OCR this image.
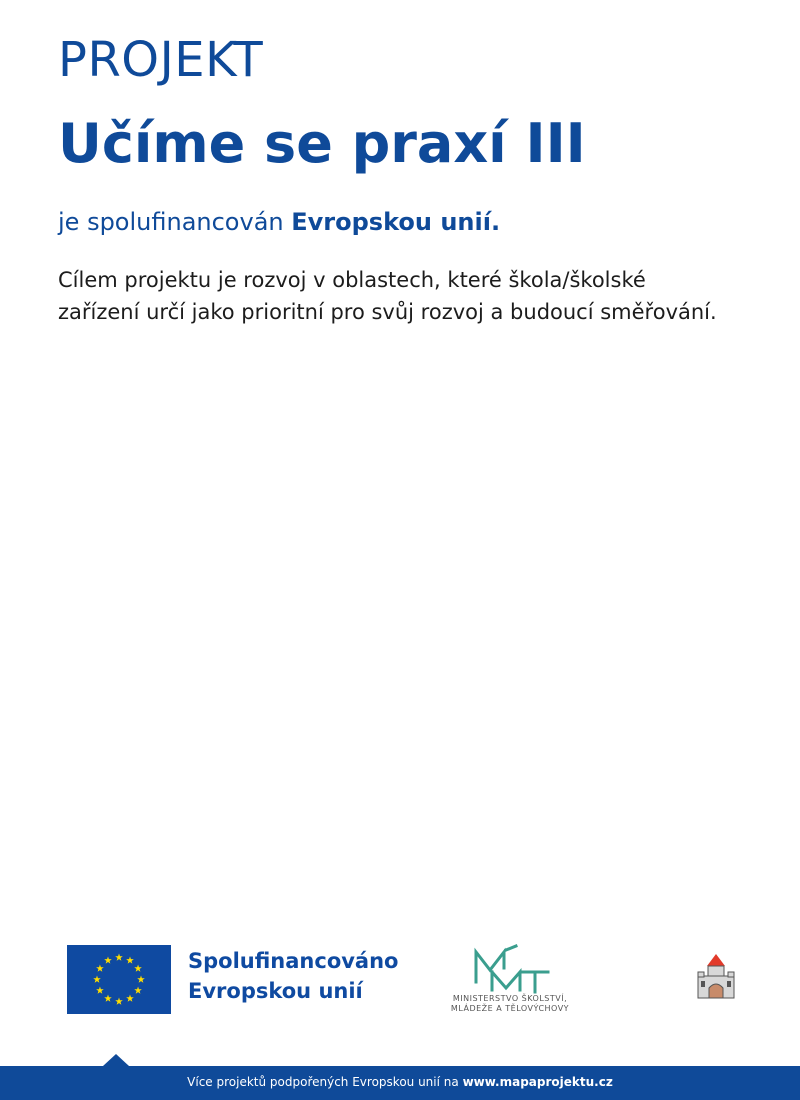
PROJEKT
Učíme se praxí III
je spolufinancován Evropskou unií.
Cílem projektu je rozvoj v oblastech, které škola/školské
zařízení určí jako prioritní pro svůj rozvoj a budoucí směřování.
Spolufinancováno
Evropskou unií	MŠMT
MINISTERSTVO ŠKOLSTVÍ,
MLÁDEŽE A TĚLOVÝCHOVY
Více projektů podpořených Evropskou unií na www.mapaprojektu.cz
